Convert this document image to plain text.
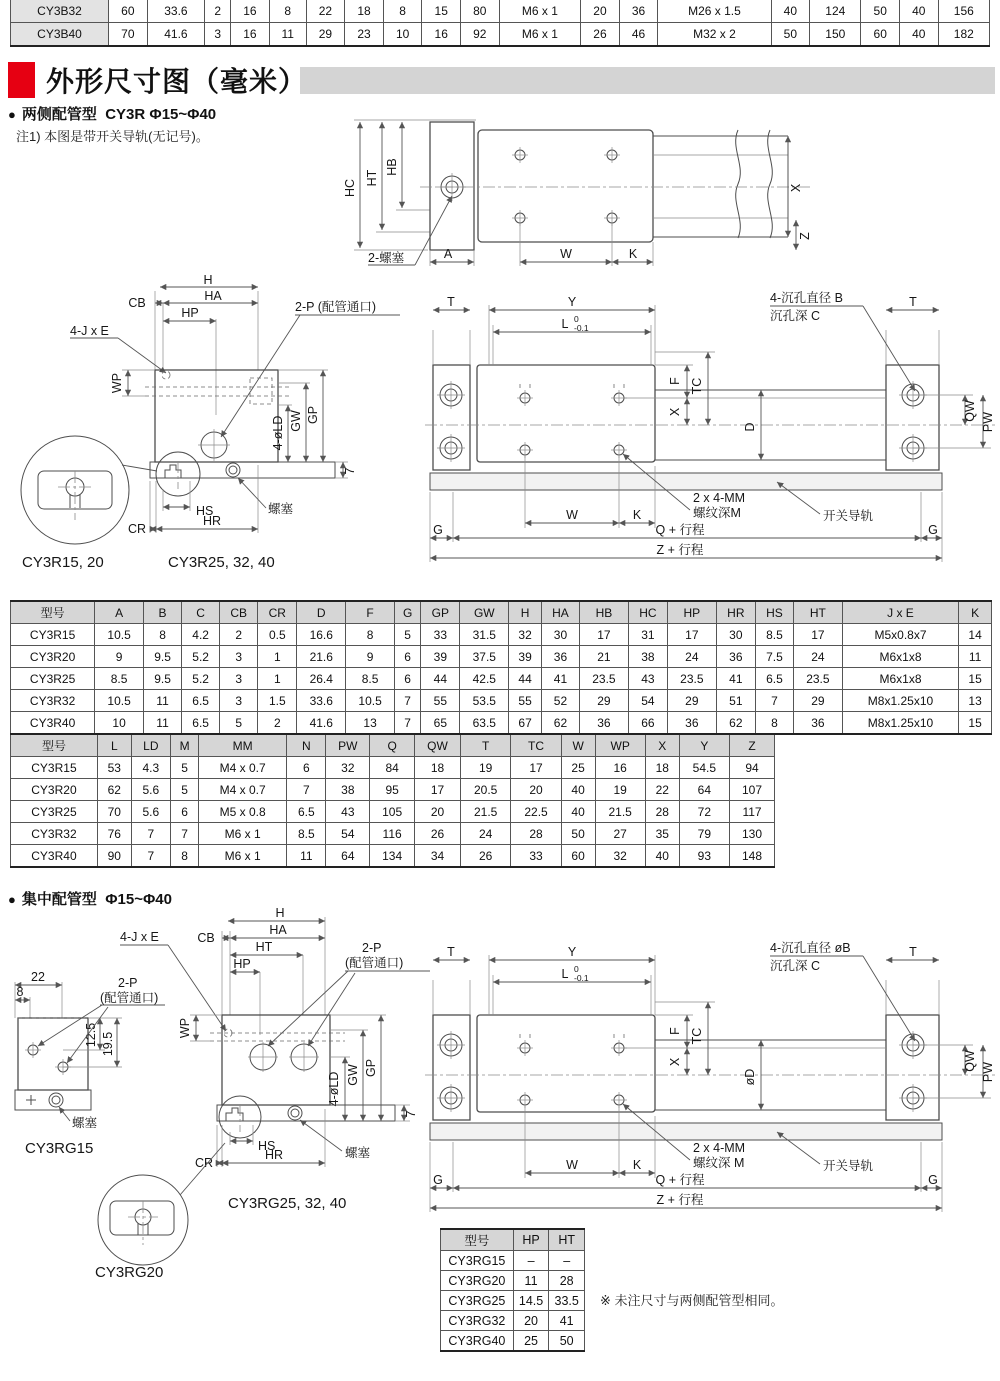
CY3B32	60	33.6	2	16	8	22	18	8	15	80	M6 x 1	20	36	M26 x 1.5	40	124	50	40	156
CY3B40	70	41.6	3	16	11	29	23	10	16	92	M6 x 1	26	46	M32 x 2	50	150	60	40	182
外形尺寸图（毫米）
● 两侧配管型 CY3R Φ15~Φ40
注1) 本图是带开关导轨(无记号)。
HC
HT
HB
X
Z
A	W	K
2-螺塞
H
CB	HA
HP
4-J x E
2-P (配管通口)
WP
4-øLD GW GP
HS
CR
HR
螺塞
7
CY3R15, 20	CY3R25, 32, 40
T	Y
L 0
-0.1
T
4-沉孔直径 B
沉孔深 C
TC
F
X
D
QW
PW
W	K
2 x 4-MM
螺纹深M	开关导轨
G	Q + 行程	G
Z + 行程
型号	A	B	C	CB	CR	D	F	G	GP	GW	H	HA	HB	HC	HP	HR	HS	HT	J x E	K
CY3R15	10.5	8	4.2	2	0.5	16.6	8	5	33	31.5	32	30	17	31	17	30	8.5	17	M5x0.8x7	14
CY3R20	9	9.5	5.2	3	1	21.6	9	6	39	37.5	39	36	21	38	24	36	7.5	24	M6x1x8	11
CY3R25	8.5	9.5	5.2	3	1	26.4	8.5	6	44	42.5	44	41	23.5	43	23.5	41	6.5	23.5	M6x1x8	15
CY3R32	10.5	11	6.5	3	1.5	33.6	10.5	7	55	53.5	55	52	29	54	29	51	7	29	M8x1.25x10	13
CY3R40	10	11	6.5	5	2	41.6	13	7	65	63.5	67	62	36	66	36	62	8	36	M8x1.25x10	15
型号	L	LD	M	MM	N	PW	Q	QW	T	TC	W	WP	X	Y	Z
CY3R15	53	4.3	5	M4 x 0.7	6	32	84	18	19	17	25	16	18	54.5	94
CY3R20	62	5.6	5	M4 x 0.7	7	38	95	17	20.5	20	40	19	22	64	107
CY3R25	70	5.6	6	M5 x 0.8	6.5	43	105	20	21.5	22.5	40	21.5	28	72	117
CY3R32	76	7	7	M6 x 1	8.5	54	116	26	24	28	50	27	35	79	130
CY3R40	90	7	8	M6 x 1	11	64	134	34	26	33	60	32	40	93	148
● 集中配管型 Φ15~Φ40
22
8
12.5 19.5
2-P
(配管通口)
螺塞
CY3RG15
H
CB
HA
HT
HP
4-J x E
2-P
(配管通口)
WP
4-øLD GW GP
HS
CR
HR	螺塞
7
CY3RG20
CY3RG25, 32, 40
T	Y
L 0
-0.1
T
4-沉孔直径 øB
沉孔深 C
TC
F
X
øD
QW
PW
W	K
2 x 4-MM
螺纹深 M	开关导轨
G	Q + 行程	G
Z + 行程
型号	HP	HT
CY3RG15	–	–
CY3RG20	11	28
CY3RG25	14.5	33.5
CY3RG32	20	41
CY3RG40	25	50
※ 未注尺寸与两侧配管型相同。
